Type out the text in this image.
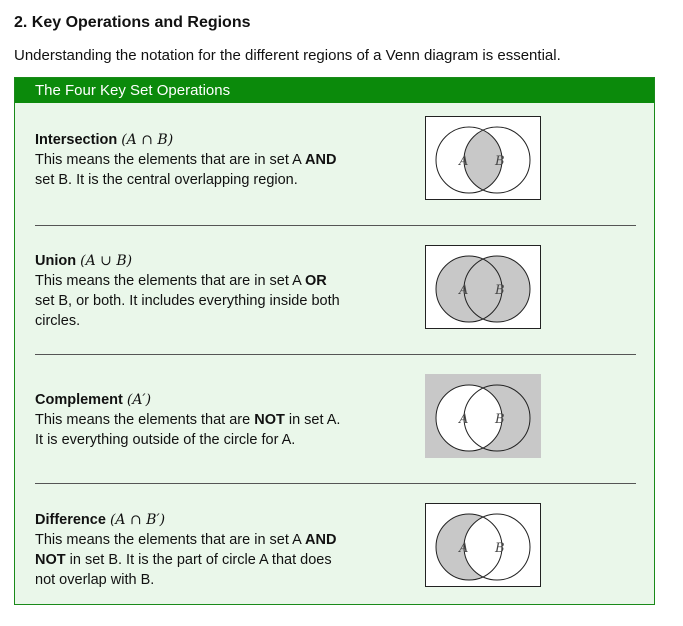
2. Key Operations and Regions
Understanding the notation for the different regions of a Venn diagram is essential.
The Four Key Set Operations
Intersection (A ∩ B)
This means the elements that are in set A AND
set B. It is the central overlapping region.
A B
Union (A ∪ B)
This means the elements that are in set A OR
set B, or both. It includes everything inside both
circles.
A B
Complement (A′)
This means the elements that are NOT in set A.
It is everything outside of the circle for A.
A B
Difference (A ∩ B′)
This means the elements that are in set A AND
NOT in set B. It is the part of circle A that does
not overlap with B.
A B
